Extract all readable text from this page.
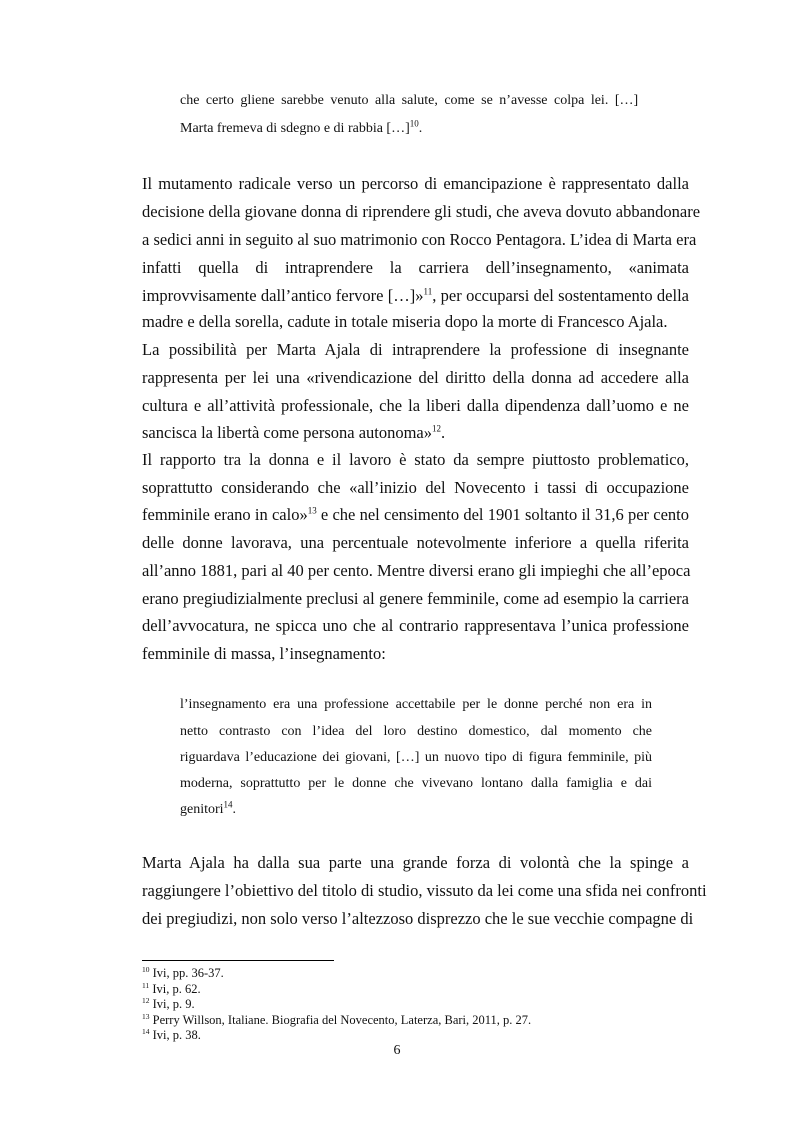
che certo gliene sarebbe venuto alla salute, come se n’avesse colpa lei. […]
Marta fremeva di sdegno e di rabbia […]$^{10}$.
Il mutamento radicale verso un percorso di emancipazione è rappresentato dalla
decisione della giovane donna di riprendere gli studi, che aveva dovuto abbandonare
a sedici anni in seguito al suo matrimonio con Rocco Pentagora. L’idea di Marta era
infatti quella di intraprendere la carriera dell’insegnamento, «animata
improvvisamente dall’antico fervore […]»$^{11}$, per occuparsi del sostentamento della
madre e della sorella, cadute in totale miseria dopo la morte di Francesco Ajala.
La possibilità per Marta Ajala di intraprendere la professione di insegnante
rappresenta per lei una «rivendicazione del diritto della donna ad accedere alla
cultura e all’attività professionale, che la liberi dalla dipendenza dall’uomo e ne
sancisca la libertà come persona autonoma»$^{12}$.
Il rapporto tra la donna e il lavoro è stato da sempre piuttosto problematico,
soprattutto considerando che «all’inizio del Novecento i tassi di occupazione
femminile erano in calo»$^{13}$ e che nel censimento del 1901 soltanto il 31,6 per cento
delle donne lavorava, una percentuale notevolmente inferiore a quella riferita
all’anno 1881, pari al 40 per cento. Mentre diversi erano gli impieghi che all’epoca
erano pregiudizialmente preclusi al genere femminile, come ad esempio la carriera
dell’avvocatura, ne spicca uno che al contrario rappresentava l’unica professione
femminile di massa, l’insegnamento:
l’insegnamento era una professione accettabile per le donne perché non era in
netto contrasto con l’idea del loro destino domestico, dal momento che
riguardava l’educazione dei giovani, […] un nuovo tipo di figura femminile, più
moderna, soprattutto per le donne che vivevano lontano dalla famiglia e dai
genitori$^{14}$.
Marta Ajala ha dalla sua parte una grande forza di volontà che la spinge a
raggiungere l’obiettivo del titolo di studio, vissuto da lei come una sfida nei confronti
dei pregiudizi, non solo verso l’altezzoso disprezzo che le sue vecchie compagne di
$^{10}$ Ivi, pp. 36-37.
$^{11}$ Ivi, p. 62.
$^{12}$ Ivi, p. 9.
$^{13}$ Perry Willson, Italiane. Biografia del Novecento, Laterza, Bari, 2011, p. 27.
$^{14}$ Ivi, p. 38.
6
